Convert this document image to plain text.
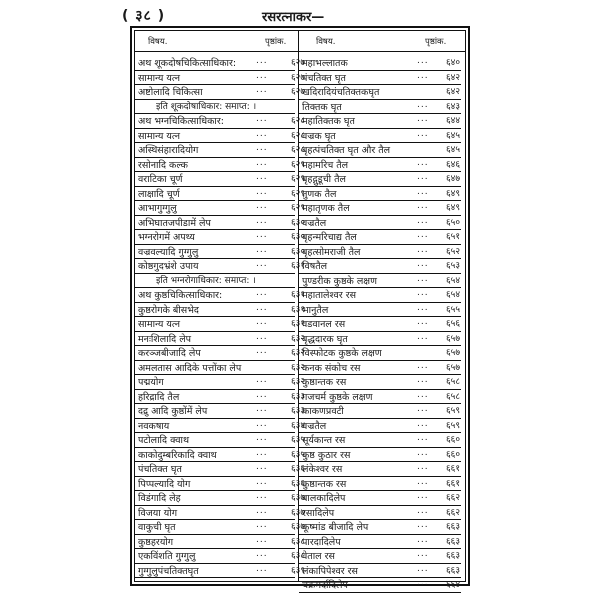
( ३८ )	रसरत्नाकर—
विषय.	पृष्ठांक.	विषय.	पृष्ठांक.
अथ शूकदोषचिकित्साधिकार: ...	६२७
सामान्य यत्न	...	६२७
अष्टोलादि चिकित्सा	...	६२७
इति शूकदोषाधिकार: समाप्त: ।
अथ भग्नचिकित्साधिकार:	...	६२८
सामान्य यत्न	...	६२८
अस्थिसंहारादियोग	...	६२८
रसोनादि कल्क	...	६२९
वराटिका चूर्ण	...	६२९
लाक्षादि चूर्ण	...	६२९
आभागुग्गुलु	...	६२९
अभिघातजपीडामें लेप	...	६३०
भग्नरोगमें अपथ्य	...	६३०
वज्रवल्यादि गुग्गुलु	...	६३०
कोष्ठगुदभ्रंशे उपाय	...	६३१
इति भग्नरोगाधिकार: समाप्त: ।
अथ कुष्ठचिकित्साधिकार:	...	६३१
कुष्ठरोगके बीसभेद	...	६३१
सामान्य यत्न	...	६३१
मनःशिलादि लेप	...	६३२
करञ्जबीजादि लेप	...	६३२
अमलतास आदिके पत्तोंका लेप	६३२
पद्मयोग	...	६३२
हरिद्रादि तैल	...	६३३
दद्रु आदि कुष्ठोंमें लेप	...	६३३
नवकषाय	...	६३४
पटोलादि क्वाथ	...	६३५
काकोदुम्बरिकादि क्वाथ	...	६३५
पंचतिक्त घृत	...	६३६
पिप्पल्यादि योग	...	६३६
विडंगादि लेह	...	६३७
विजया योग	...	६३७
वाकुची घृत	...	६३७
कुष्ठहरयोग	...	६३८
एकविंशति गुग्गुलु	...	६३८
गुग्गुलुपंचतिक्तघृत	...	६३९
महाभल्लातक	...	६४०
पंचतिक्त घृत	...	६४२
खदिरादियंचतिक्तकघृत	६४२
तिक्तक घृत	...	६४३
महातिक्तक घृत	...	६४४
वज्रक घृत	...	६४५
बृहत्पंचतिक्त घृत और तैल	६४५
महामरिच तैल	...	६४६
बृहद्गुडूची तैल	...	६४७
तुणक तैल	...	६४९
महातृणक तैल	...	६४९
वज्रतैल	...	६५०
बृहन्मरिचाद्य तैल	...	६५१
बृहत्सोमराजी तैल	...	६५२
विषतैल	...	६५३
पुण्डरीक कुष्ठके लक्षण	...	६५४
महातालेश्वर रस	...	६५४
भानुतैल	...	६५५
वडवानल रस	...	६५६
बृद्धदारक घृत	...	६५७
विस्फोटक कुष्ठके लक्षण	६५७
कनक संकोच रस	...	६५७
कुष्ठान्तक रस	...	६५८
गजचर्म कुष्ठके लक्षण	...	६५८
काकणप्रवटी	...	६५९
वज्रतैल	...	६५९
सूर्यकान्त रस	...	६६०
कुष्ठ कुठार रस	...	६६०
लंकेश्वर रस	...	६६१
कुष्ठान्तक रस	...	६६१
बालकादिलेप	...	६६२
रसादिलेप	...	६६२
कूष्मांड बीजादि लेप	...	६६३
पारदादिलेप	...	६६३
वेताल रस	...	६६३
लंकापिपेश्वर रस	...	६६३
चक्रमर्दादिलेप	...	६६४
